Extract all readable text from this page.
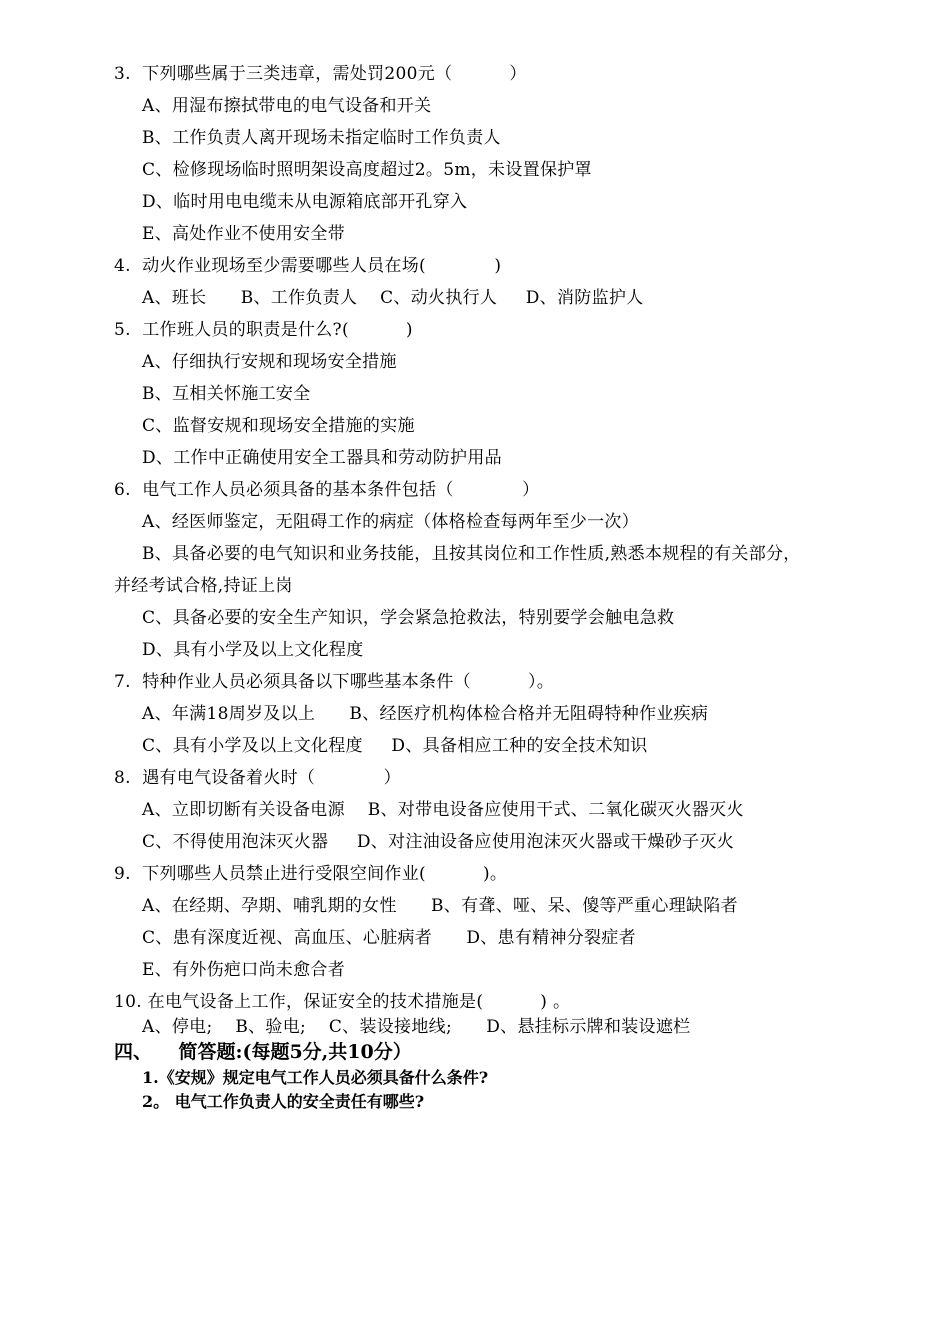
3.  下列哪些属于三类违章，需处罚200元（          ）
A、用湿布擦拭带电的电气设备和开关
B、工作负责人离开现场未指定临时工作负责人
C、检修现场临时照明架设高度超过2。5m，未设置保护罩
D、临时用电电缆未从电源箱底部开孔穿入
E、高处作业不使用安全带
4.  动火作业现场至少需要哪些人员在场(            )
A、班长      B、工作负责人    C、动火执行人     D、消防监护人
5.  工作班人员的职责是什么?(          )
A、仔细执行安规和现场安全措施
B、互相关怀施工安全
C、监督安规和现场安全措施的实施
D、工作中正确使用安全工器具和劳动防护用品
6.  电气工作人员必须具备的基本条件包括（            ）
A、经医师鉴定，无阻碍工作的病症（体格检查每两年至少一次）
B、具备必要的电气知识和业务技能，且按其岗位和工作性质,熟悉本规程的有关部分，
并经考试合格,持证上岗
C、具备必要的安全生产知识，学会紧急抢救法，特别要学会触电急救
D、具有小学及以上文化程度
7.  特种作业人员必须具备以下哪些基本条件（          ）。
A、年满18周岁及以上      B、经医疗机构体检合格并无阻碍特种作业疾病
C、具有小学及以上文化程度     D、具备相应工种的安全技术知识
8.  遇有电气设备着火时（            ）
A、立即切断有关设备电源    B、对带电设备应使用干式、二氧化碳灭火器灭火
C、不得使用泡沫灭火器     D、对注油设备应使用泡沫灭火器或干燥砂子灭火
9.  下列哪些人员禁止进行受限空间作业(          )。
A、在经期、孕期、哺乳期的女性      B、有聋、哑、呆、傻等严重心理缺陷者
C、患有深度近视、高血压、心脏病者      D、患有精神分裂症者
E、有外伤疤口尚未愈合者
10. 在电气设备上工作，保证安全的技术措施是(          ) 。
A、停电;    B、验电;    C、装设接地线;      D、悬挂标示牌和装设遮栏
四、    简答题:(每题5分,共10分）
1.《安规》规定电气工作人员必须具备什么条件?
2。 电气工作负责人的安全责任有哪些?
